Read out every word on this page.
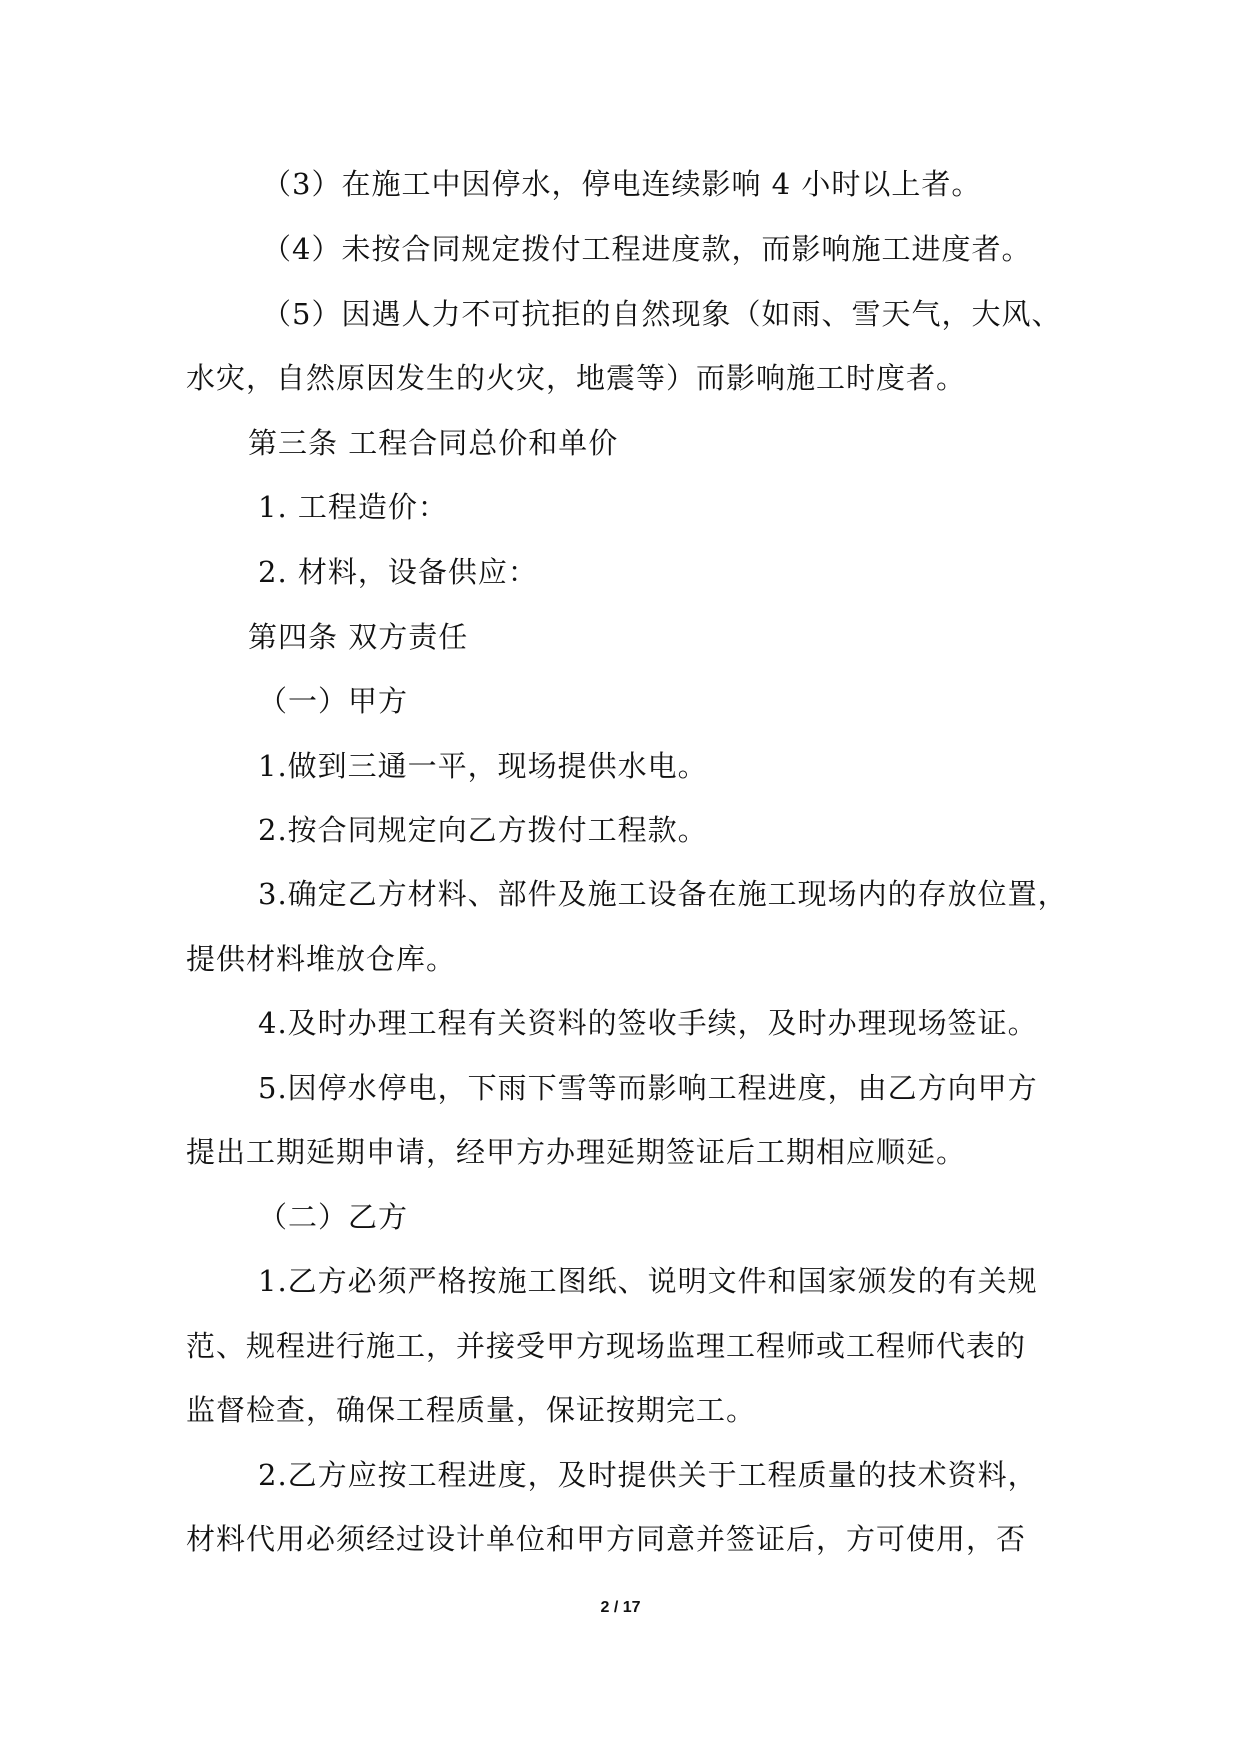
（3）在施工中因停水，停电连续影响 4 小时以上者。
（4）未按合同规定拨付工程进度款，而影响施工进度者。
（5）因遇人力不可抗拒的自然现象（如雨、雪天气，大风、
水灾，自然原因发生的火灾，地震等）而影响施工时度者。
第三条 工程合同总价和单价
1. 工程造价：
2. 材料，设备供应：
第四条 双方责任
（一）甲方
1.做到三通一平，现场提供水电。
2.按合同规定向乙方拨付工程款。
3.确定乙方材料、部件及施工设备在施工现场内的存放位置，
提供材料堆放仓库。
4.及时办理工程有关资料的签收手续，及时办理现场签证。
5.因停水停电，下雨下雪等而影响工程进度，由乙方向甲方
提出工期延期申请，经甲方办理延期签证后工期相应顺延。
（二）乙方
1.乙方必须严格按施工图纸、说明文件和国家颁发的有关规
范、规程进行施工，并接受甲方现场监理工程师或工程师代表的
监督检查，确保工程质量，保证按期完工。
2.乙方应按工程进度，及时提供关于工程质量的技术资料，
材料代用必须经过设计单位和甲方同意并签证后，方可使用，否
2 / 17
